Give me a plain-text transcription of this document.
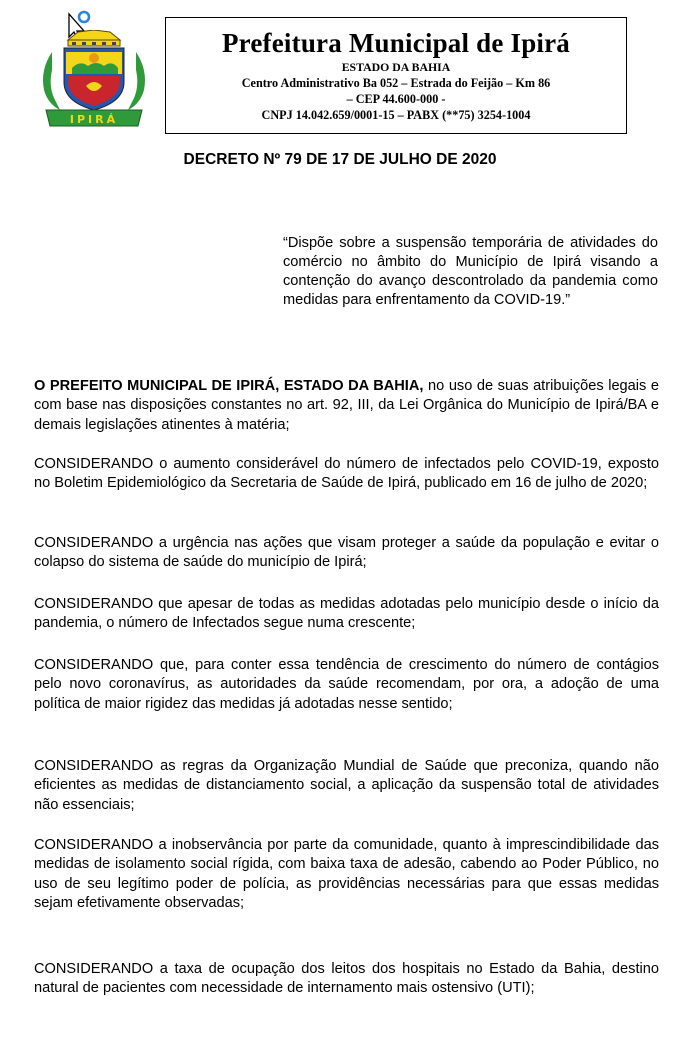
IPIRÁ
Prefeitura Municipal de Ipirá
ESTADO DA BAHIA
Centro Administrativo Ba 052 – Estrada do Feijão – Km 86
– CEP 44.600-000 -
CNPJ 14.042.659/0001-15 – PABX (**75) 3254-1004
DECRETO Nº 79 DE 17 DE JULHO DE 2020
“Dispõe sobre a suspensão temporária de atividades do comércio no âmbito do Município de Ipirá visando a contenção do avanço descontrolado da pandemia como medidas para enfrentamento da COVID-19.”
O PREFEITO MUNICIPAL DE IPIRÁ, ESTADO DA BAHIA, no uso de suas atribuições legais e com base nas disposições constantes no art. 92, III, da Lei Orgânica do Município de Ipirá/BA e demais legislações atinentes à matéria;
CONSIDERANDO o aumento considerável do número de infectados pelo COVID-19, exposto no Boletim Epidemiológico da Secretaria de Saúde de Ipirá, publicado em 16 de julho de 2020;
CONSIDERANDO a urgência nas ações que visam proteger a saúde da população e evitar o colapso do sistema de saúde do município de Ipirá;
CONSIDERANDO que apesar de todas as medidas adotadas pelo município desde o início da pandemia, o número de Infectados segue numa crescente;
CONSIDERANDO que, para conter essa tendência de crescimento do número de contágios pelo novo coronavírus, as autoridades da saúde recomendam, por ora, a adoção de uma política de maior rigidez das medidas já adotadas nesse sentido;
CONSIDERANDO as regras da Organização Mundial de Saúde que preconiza, quando não eficientes as medidas de distanciamento social, a aplicação da suspensão total de atividades não essenciais;
CONSIDERANDO a inobservância por parte da comunidade, quanto à imprescindibilidade das medidas de isolamento social rígida, com baixa taxa de adesão, cabendo ao Poder Público, no uso de seu legítimo poder de polícia, as providências necessárias para que essas medidas sejam efetivamente observadas;
CONSIDERANDO a taxa de ocupação dos leitos dos hospitais no Estado da Bahia, destino natural de pacientes com necessidade de internamento mais ostensivo (UTI);
